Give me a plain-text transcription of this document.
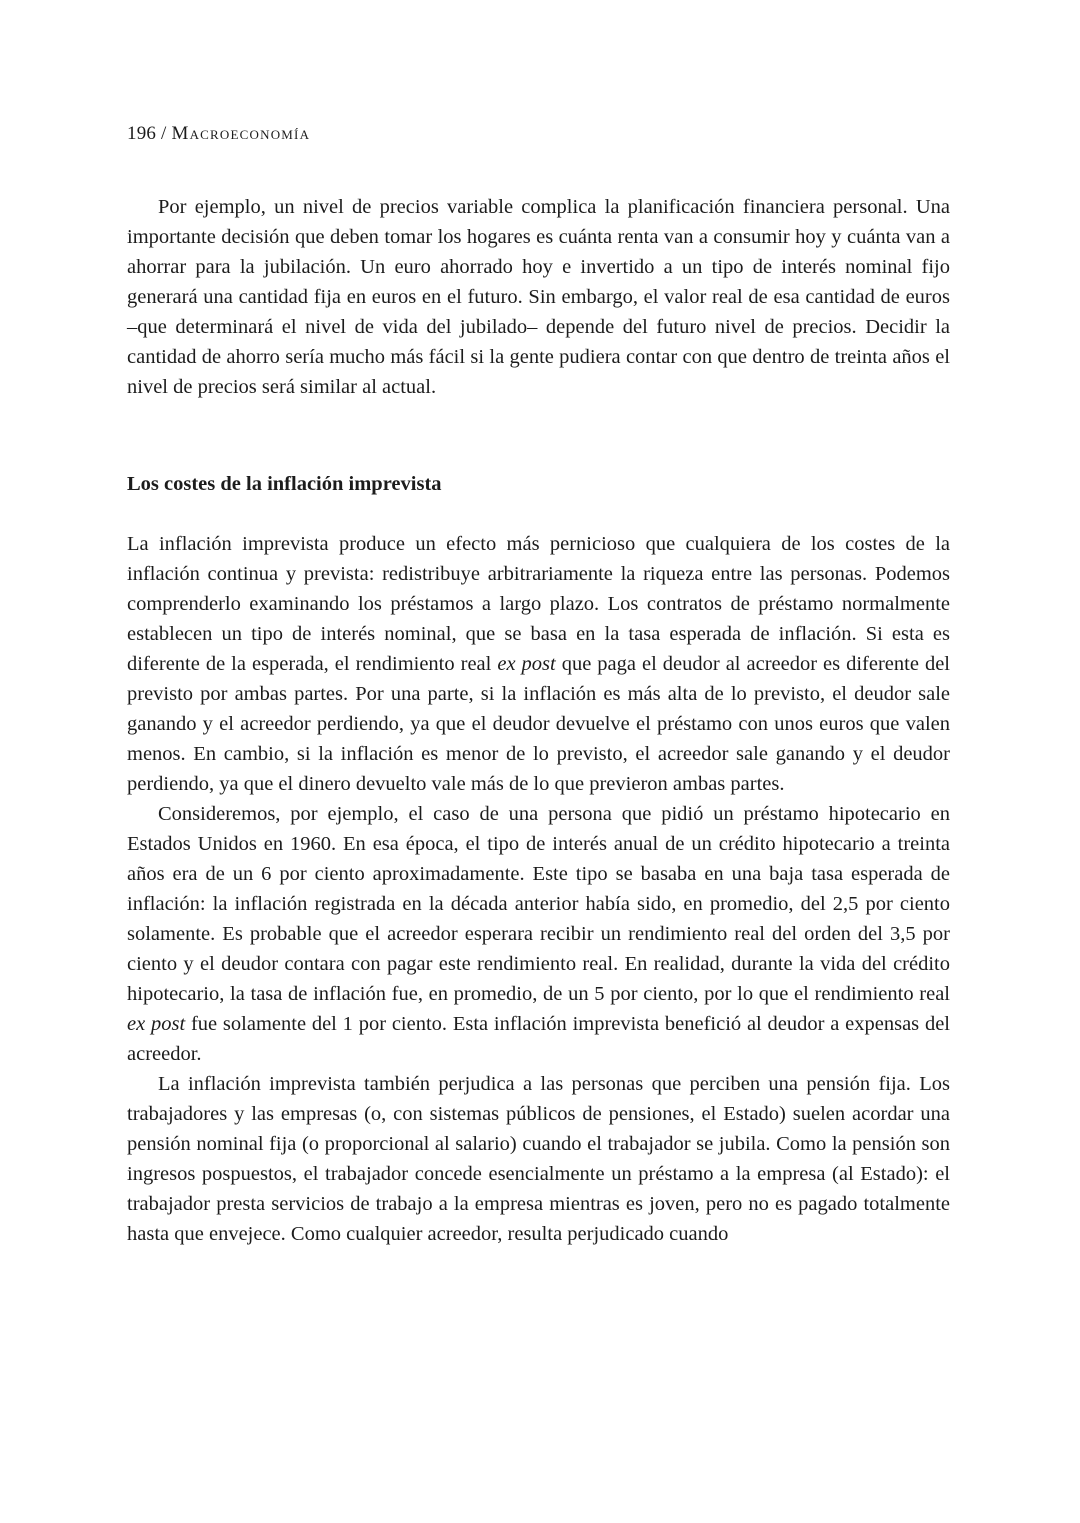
196 / Macroeconomía

Por ejemplo, un nivel de precios variable complica la planificación financiera personal. Una importante decisión que deben tomar los hogares es cuánta renta van a consumir hoy y cuánta van a ahorrar para la jubilación. Un euro ahorrado hoy e invertido a un tipo de interés nominal fijo generará una cantidad fija en euros en el futuro. Sin embargo, el valor real de esa cantidad de euros –que determinará el nivel de vida del jubilado– depende del futuro nivel de precios. Decidir la cantidad de ahorro sería mucho más fácil si la gente pudiera contar con que dentro de treinta años el nivel de precios será similar al actual.

Los costes de la inflación imprevista

La inflación imprevista produce un efecto más pernicioso que cualquiera de los costes de la inflación continua y prevista: redistribuye arbitrariamente la riqueza entre las personas. Podemos comprenderlo examinando los préstamos a largo plazo. Los contratos de préstamo normalmente establecen un tipo de interés nominal, que se basa en la tasa esperada de inflación. Si esta es diferente de la esperada, el rendimiento real ex post que paga el deudor al acreedor es diferente del previsto por ambas partes. Por una parte, si la inflación es más alta de lo previsto, el deudor sale ganando y el acreedor perdiendo, ya que el deudor devuelve el préstamo con unos euros que valen menos. En cambio, si la inflación es menor de lo previsto, el acreedor sale ganando y el deudor perdiendo, ya que el dinero devuelto vale más de lo que previeron ambas partes.

Consideremos, por ejemplo, el caso de una persona que pidió un préstamo hipotecario en Estados Unidos en 1960. En esa época, el tipo de interés anual de un crédito hipotecario a treinta años era de un 6 por ciento aproximadamente. Este tipo se basaba en una baja tasa esperada de inflación: la inflación registrada en la década anterior había sido, en promedio, del 2,5 por ciento solamente. Es probable que el acreedor esperara recibir un rendimiento real del orden del 3,5 por ciento y el deudor contara con pagar este rendimiento real. En realidad, durante la vida del crédito hipotecario, la tasa de inflación fue, en promedio, de un 5 por ciento, por lo que el rendimiento real ex post fue solamente del 1 por ciento. Esta inflación imprevista benefició al deudor a expensas del acreedor.

La inflación imprevista también perjudica a las personas que perciben una pensión fija. Los trabajadores y las empresas (o, con sistemas públicos de pensiones, el Estado) suelen acordar una pensión nominal fija (o proporcional al salario) cuando el trabajador se jubila. Como la pensión son ingresos pospuestos, el trabajador concede esencialmente un préstamo a la empresa (al Estado): el trabajador presta servicios de trabajo a la empresa mientras es joven, pero no es pagado totalmente hasta que envejece. Como cualquier acreedor, resulta perjudicado cuando
